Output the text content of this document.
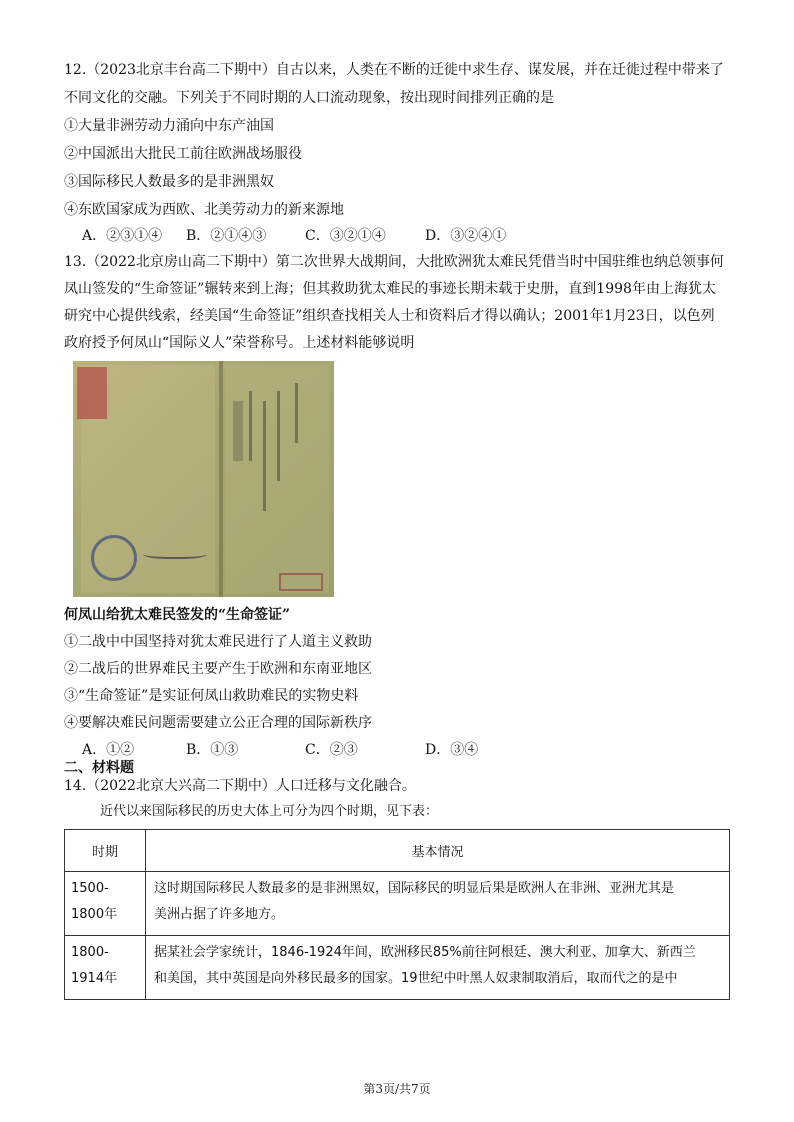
12.（2023北京丰台高二下期中）自古以来，人类在不断的迁徙中求生存、谋发展，并在迁徙过程中带来了
不同文化的交融。下列关于不同时期的人口流动现象，按出现时间排列正确的是
①大量非洲劳动力涌向中东产油国
②中国派出大批民工前往欧洲战场服役
③国际移民人数最多的是非洲黑奴
④东欧国家成为西欧、北美劳动力的新来源地
A．②③①④ B．②①④③	C．③②①④	D．③②④①
13.（2022北京房山高二下期中）第二次世界大战期间，大批欧洲犹太难民凭借当时中国驻维也纳总领事何
凤山签发的“生命签证”辗转来到上海；但其救助犹太难民的事迹长期未载于史册，直到1998年由上海犹太
研究中心提供线索，经美国“生命签证”组织查找相关人士和资料后才得以确认；2001年1月23日，以色列
政府授予何凤山“国际义人”荣誉称号。上述材料能够说明
何凤山给犹太难民签发的“生命签证”
①二战中中国坚持对犹太难民进行了人道主义救助
②二战后的世界难民主要产生于欧洲和东南亚地区
③“生命签证”是实证何凤山救助难民的实物史料
④要解决难民问题需要建立公正合理的国际新秩序
A．①②	B．①③	C．②③	D．③④
二、材料题
14.（2022北京大兴高二下期中）人口迁移与文化融合。
近代以来国际移民的历史大体上可分为四个时期，见下表：
时期	基本情况
1500-1800年	这时期国际移民人数最多的是非洲黑奴，国际移民的明显后果是欧洲人在非洲、亚洲尤其是
美洲占据了许多地方。

1800-1914年	据某社会学家统计，1846-1924年间，欧洲移民85%前往阿根廷、澳大利亚、加拿大、新西兰
和美国，其中英国是向外移民最多的国家。19世纪中叶黑人奴隶制取消后，取而代之的是中
第3页/共7页
